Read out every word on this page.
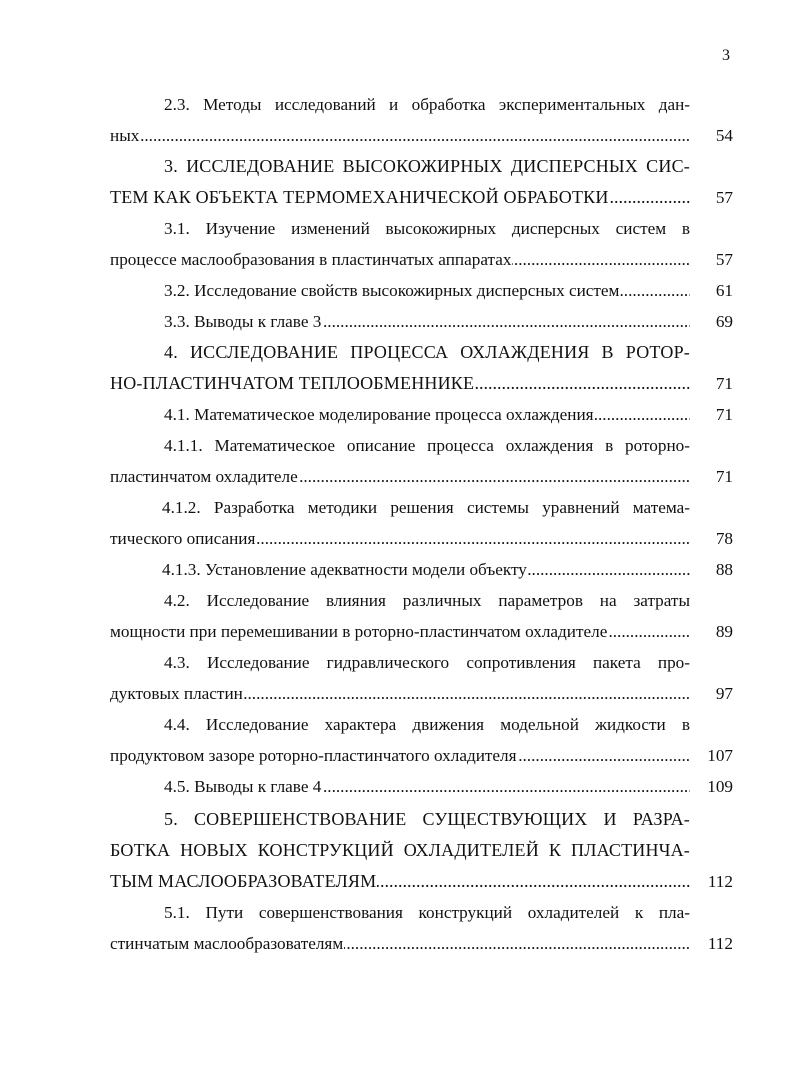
3
2.3. Методы исследований и обработка экспериментальных дан-
ных .....	54
3. ИССЛЕДОВАНИЕ ВЫСОКОЖИРНЫХ ДИСПЕРСНЫХ СИС-
ТЕМ КАК ОБЪЕКТА ТЕРМОМЕХАНИЧЕСКОЙ ОБРАБОТКИ .....	57
3.1. Изучение изменений высокожирных дисперсных систем в
процессе маслообразования в пластинчатых аппаратах .....	57
3.2. Исследование свойств высокожирных дисперсных систем .....	61
3.3. Выводы к главе 3 .....	69
4. ИССЛЕДОВАНИЕ ПРОЦЕССА ОХЛАЖДЕНИЯ В РОТОР-
НО-ПЛАСТИНЧАТОМ ТЕПЛООБМЕННИКЕ .....	71
4.1. Математическое моделирование процесса охлаждения .....	71
4.1.1. Математическое описание процесса охлаждения в роторно-
пластинчатом охладителе .....	71
4.1.2. Разработка методики решения системы уравнений матема-
тического описания .....	78
4.1.3. Установление адекватности модели объекту .....	88
4.2. Исследование влияния различных параметров на затраты
мощности при перемешивании в роторно-пластинчатом охладителе .....	89
4.3. Исследование гидравлического сопротивления пакета про-
дуктовых пластин .....	97
4.4. Исследование характера движения модельной жидкости в
продуктовом зазоре роторно-пластинчатого охладителя .....	107
4.5. Выводы к главе 4 .....	109
5. СОВЕРШЕНСТВОВАНИЕ СУЩЕСТВУЮЩИХ И РАЗРА-
БОТКА НОВЫХ КОНСТРУКЦИЙ ОХЛАДИТЕЛЕЙ К ПЛАСТИНЧА-
ТЫМ МАСЛООБРАЗОВАТЕЛЯМ .....	112
5.1. Пути совершенствования конструкций охладителей к пла-
стинчатым маслообразователям .....	112
